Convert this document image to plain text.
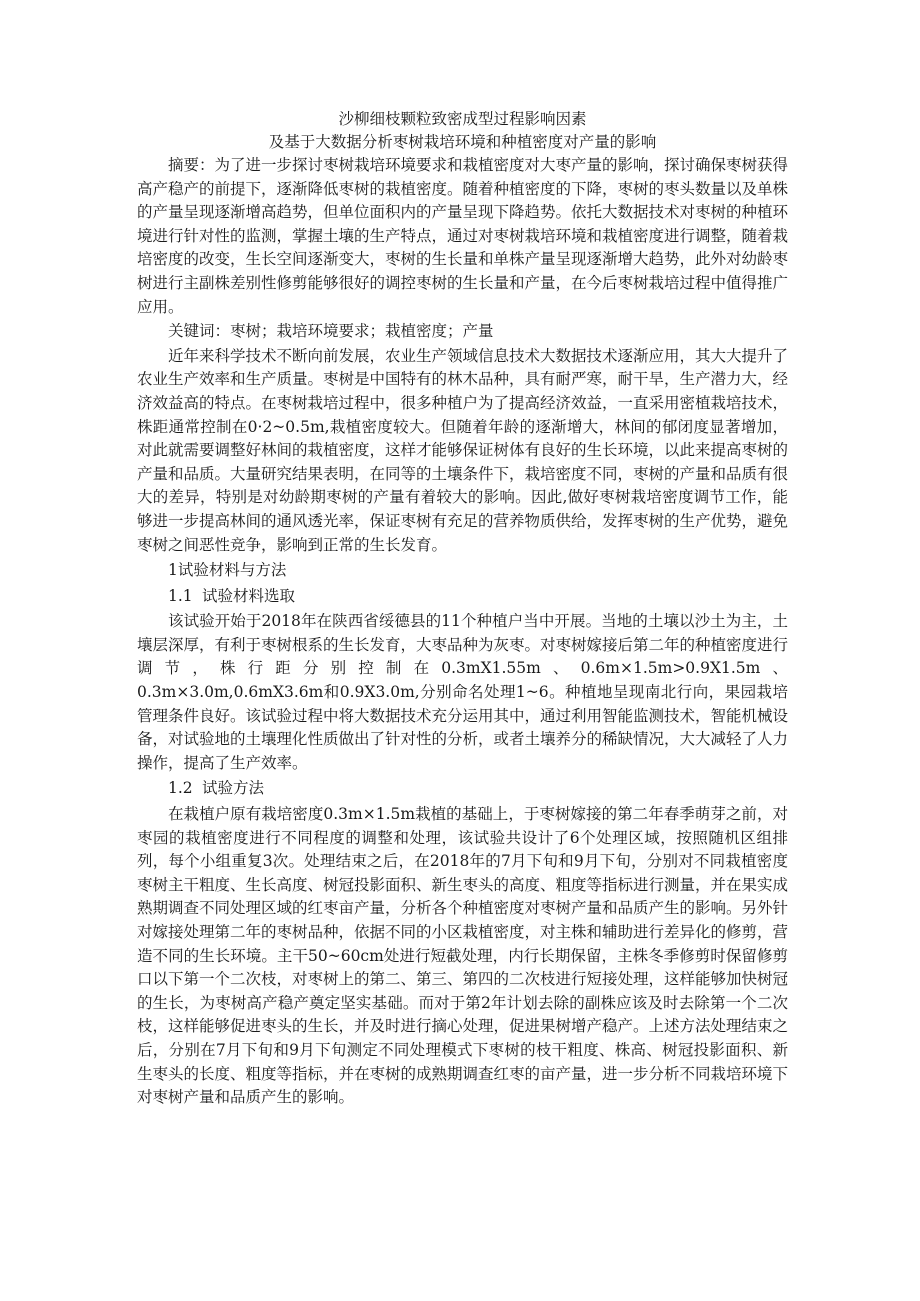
沙柳细枝颗粒致密成型过程影响因素
及基于大数据分析枣树栽培环境和种植密度对产量的影响

摘要：为了进一步探讨枣树栽培环境要求和栽植密度对大枣产量的影响，探讨确保枣树获得高产稳产的前提下，逐渐降低枣树的栽植密度。随着种植密度的下降，枣树的枣头数量以及单株的产量呈现逐渐增高趋势，但单位面积内的产量呈现下降趋势。依托大数据技术对枣树的种植环境进行针对性的监测，掌握土壤的生产特点，通过对枣树栽培环境和栽植密度进行调整，随着栽培密度的改变，生长空间逐渐变大，枣树的生长量和单株产量呈现逐渐增大趋势，此外对幼龄枣树进行主副株差别性修剪能够很好的调控枣树的生长量和产量，在今后枣树栽培过程中值得推广应用。

关键词：枣树；栽培环境要求；栽植密度；产量

近年来科学技术不断向前发展，农业生产领域信息技术大数据技术逐渐应用，其大大提升了农业生产效率和生产质量。枣树是中国特有的林木品种，具有耐严寒，耐干旱，生产潜力大，经济效益高的特点。在枣树栽培过程中，很多种植户为了提高经济效益，一直采用密植栽培技术，株距通常控制在0·2~0.5m,栽植密度较大。但随着年龄的逐渐增大，林间的郁闭度显著增加，对此就需要调整好林间的栽植密度，这样才能够保证树体有良好的生长环境，以此来提高枣树的产量和品质。大量研究结果表明，在同等的土壤条件下，栽培密度不同，枣树的产量和品质有很大的差异，特别是对幼龄期枣树的产量有着较大的影响。因此,做好枣树栽培密度调节工作，能够进一步提高林间的通风透光率，保证枣树有充足的营养物质供给，发挥枣树的生产优势，避免枣树之间恶性竞争，影响到正常的生长发育。

1试验材料与方法

1.1 试验材料选取

该试验开始于2018年在陕西省绥德县的11个种植户当中开展。当地的土壤以沙土为主，土壤层深厚，有利于枣树根系的生长发育，大枣品种为灰枣。对枣树嫁接后第二年的种植密度进行调节，株行距分别控制在0.3mX1.55m、0.6m×1.5m>0.9X1.5m、0.3m×3.0m,0.6mX3.6m和0.9X3.0m,分别命名处理1~6。种植地呈现南北行向，果园栽培管理条件良好。该试验过程中将大数据技术充分运用其中，通过利用智能监测技术，智能机械设备，对试验地的土壤理化性质做出了针对性的分析，或者土壤养分的稀缺情况，大大减轻了人力操作，提高了生产效率。

1.2 试验方法

在栽植户原有栽培密度0.3m×1.5m栽植的基础上，于枣树嫁接的第二年春季萌芽之前，对枣园的栽植密度进行不同程度的调整和处理，该试验共设计了6个处理区域，按照随机区组排列，每个小组重复3次。处理结束之后，在2018年的7月下旬和9月下旬，分别对不同栽植密度枣树主干粗度、生长高度、树冠投影面积、新生枣头的高度、粗度等指标进行测量，并在果实成熟期调查不同处理区域的红枣亩产量，分析各个种植密度对枣树产量和品质产生的影响。另外针对嫁接处理第二年的枣树品种，依据不同的小区栽植密度，对主株和辅助进行差异化的修剪，营造不同的生长环境。主干50~60cm处进行短截处理，内行长期保留，主株冬季修剪时保留修剪口以下第一个二次枝，对枣树上的第二、第三、第四的二次枝进行短接处理，这样能够加快树冠的生长，为枣树高产稳产奠定坚实基础。而对于第2年计划去除的副株应该及时去除第一个二次枝，这样能够促进枣头的生长，并及时进行摘心处理，促进果树增产稳产。上述方法处理结束之后，分别在7月下旬和9月下旬测定不同处理模式下枣树的枝干粗度、株高、树冠投影面积、新生枣头的长度、粗度等指标，并在枣树的成熟期调查红枣的亩产量，进一步分析不同栽培环境下对枣树产量和品质产生的影响。
